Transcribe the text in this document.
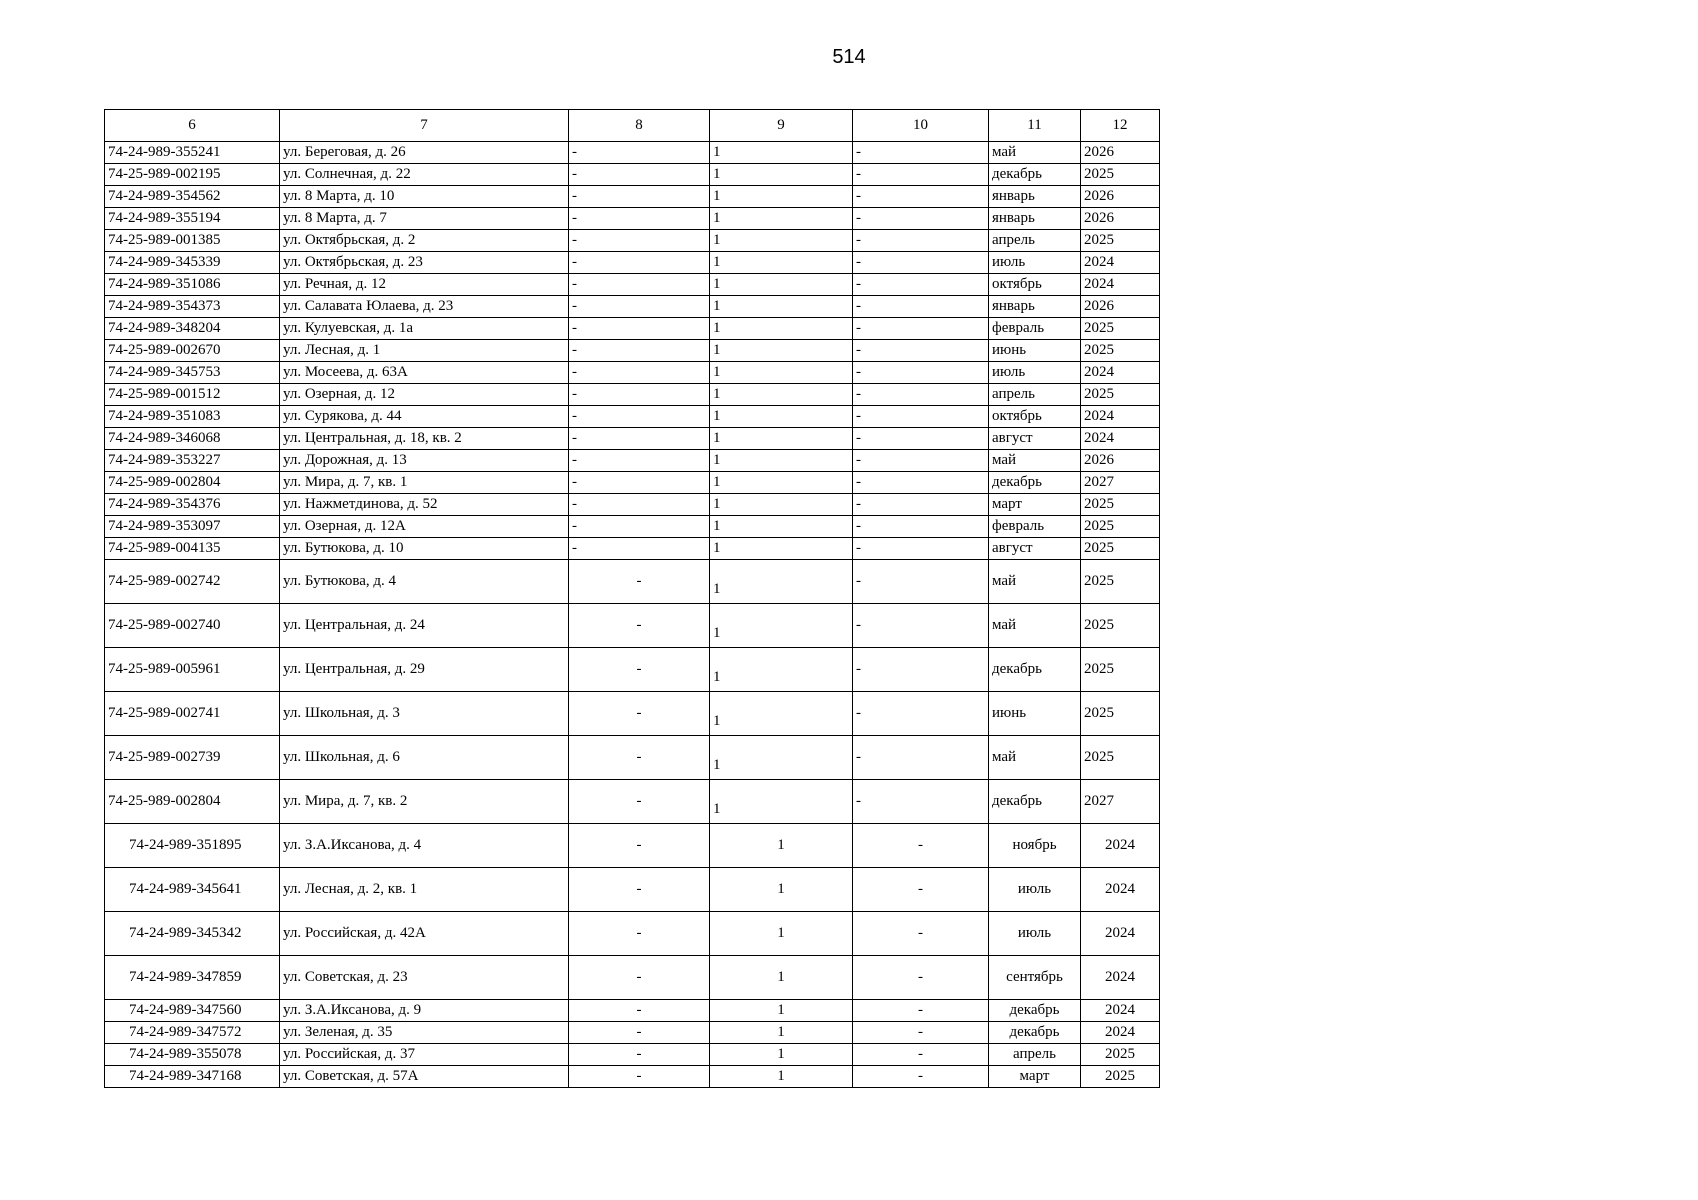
514
6	7	8	9	10	11	12
74-24-989-355241	ул. Береговая, д. 26	-	1	-	май	2026
74-25-989-002195	ул. Солнечная, д. 22	-	1	-	декабрь	2025
74-24-989-354562	ул. 8 Марта, д. 10	-	1	-	январь	2026
74-24-989-355194	ул. 8 Марта, д. 7	-	1	-	январь	2026
74-25-989-001385	ул. Октябрьская, д. 2	-	1	-	апрель	2025
74-24-989-345339	ул. Октябрьская, д. 23	-	1	-	июль	2024
74-24-989-351086	ул. Речная, д. 12	-	1	-	октябрь	2024
74-24-989-354373	ул. Салавата Юлаева, д. 23	-	1	-	январь	2026
74-24-989-348204	ул. Кулуевская, д. 1а	-	1	-	февраль	2025
74-25-989-002670	ул. Лесная, д. 1	-	1	-	июнь	2025
74-24-989-345753	ул. Мосеева, д. 63А	-	1	-	июль	2024
74-25-989-001512	ул. Озерная, д. 12	-	1	-	апрель	2025
74-24-989-351083	ул. Сурякова, д. 44	-	1	-	октябрь	2024
74-24-989-346068	ул. Центральная, д. 18, кв. 2	-	1	-	август	2024
74-24-989-353227	ул. Дорожная, д. 13	-	1	-	май	2026
74-25-989-002804	ул. Мира, д. 7, кв. 1	-	1	-	декабрь	2027
74-24-989-354376	ул. Нажметдинова, д. 52	-	1	-	март	2025
74-24-989-353097	ул. Озерная, д. 12А	-	1	-	февраль	2025
74-25-989-004135	ул. Бутюкова, д. 10	-	1	-	август	2025
74-25-989-002742	ул. Бутюкова, д. 4	-	1	-	май	2025
74-25-989-002740	ул. Центральная, д. 24	-	1	-	май	2025
74-25-989-005961	ул. Центральная, д. 29	-	1	-	декабрь	2025
74-25-989-002741	ул. Школьная, д. 3	-	1	-	июнь	2025
74-25-989-002739	ул. Школьная, д. 6	-	1	-	май	2025
74-25-989-002804	ул. Мира, д. 7, кв. 2	-	1	-	декабрь	2027
74-24-989-351895	ул. З.А.Иксанова, д. 4	-	1	-	ноябрь	2024
74-24-989-345641	ул. Лесная, д. 2, кв. 1	-	1	-	июль	2024
74-24-989-345342	ул. Российская, д. 42А	-	1	-	июль	2024
74-24-989-347859	ул. Советская, д. 23	-	1	-	сентябрь	2024
74-24-989-347560	ул. З.А.Иксанова, д. 9	-	1	-	декабрь	2024
74-24-989-347572	ул. Зеленая, д. 35	-	1	-	декабрь	2024
74-24-989-355078	ул. Российская, д. 37	-	1	-	апрель	2025
74-24-989-347168	ул. Советская, д. 57А	-	1	-	март	2025
